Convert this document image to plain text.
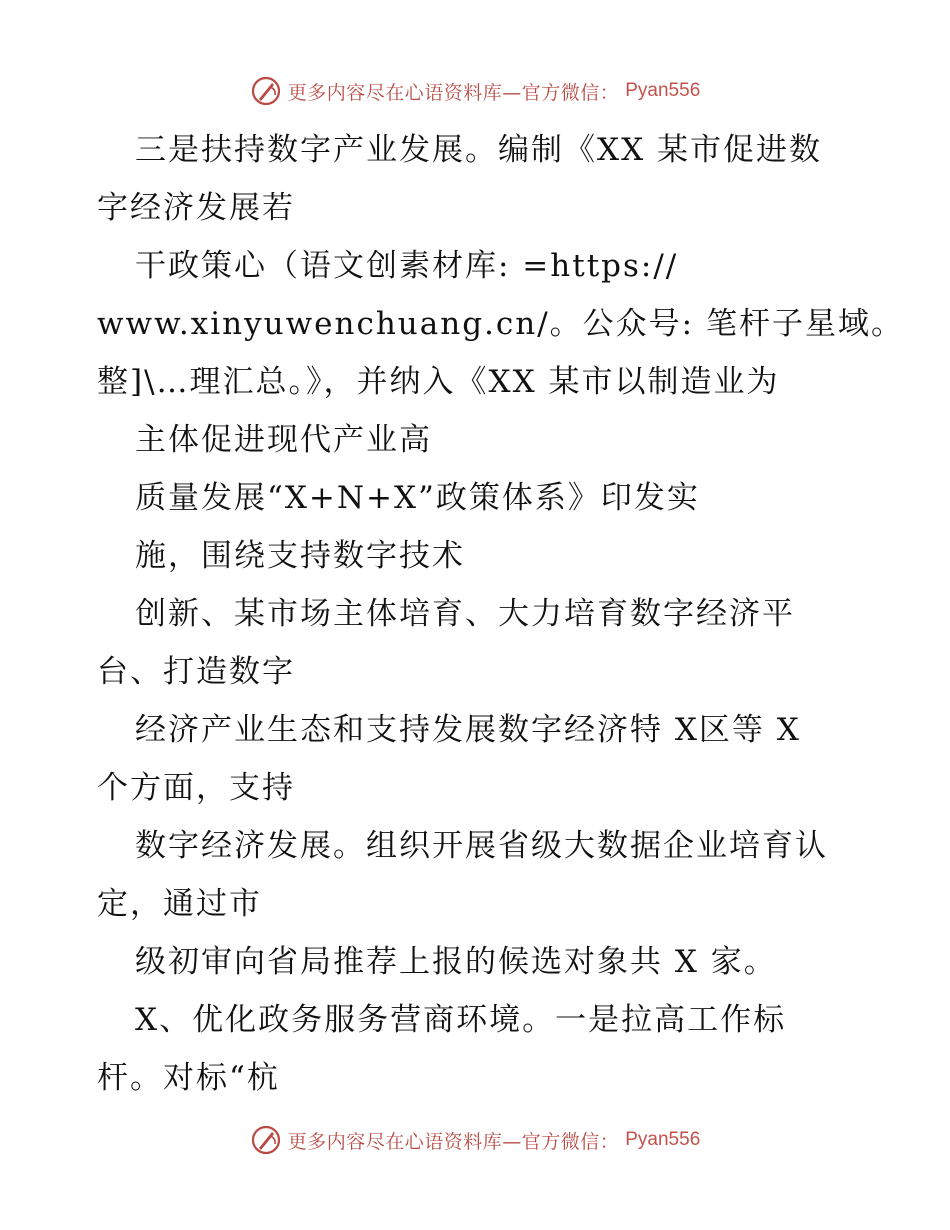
更多内容尽在心语资料库—官方微信： Pyan556
三是扶持数字产业发展。编制《XX 某市促进数
字经济发展若
干政策心（语文创素材库: =https://
www.xinyuwenchuang.cn/。公众号: 笔杆子星域。
整]\…理汇总。》，并纳入《XX 某市以制造业为
主体促进现代产业高
质量发展“X+N+X”政策体系》印发实
施，围绕支持数字技术
创新、某市场主体培育、大力培育数字经济平
台、打造数字
经济产业生态和支持发展数字经济特 X区等 X
个方面，支持
数字经济发展。组织开展省级大数据企业培育认
定，通过市
级初审向省局推荐上报的候选对象共 X 家。
X、优化政务服务营商环境。一是拉高工作标
杆。对标“杭
更多内容尽在心语资料库—官方微信： Pyan556
